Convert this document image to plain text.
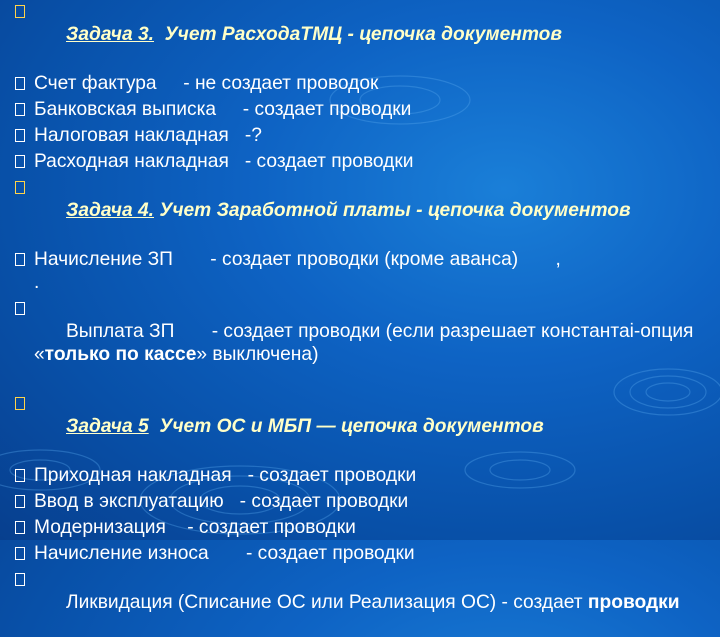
Задача 3.  Учет РасходаТМЦ - цепочка документов

Счет фактура     - не создает проводок
Банковская выписка     - создает проводки
Налоговая накладная   -?
Расходная накладная   - создает проводки

Задача 4. Учет Заработной платы - цепочка документов

Начисление ЗП       - создает проводки (кроме аванса)       ,
.

Выплата ЗП       - создает проводки (если разрешает константаі-опция «только по кассе» выключена)

Задача 5  Учет ОС и МБП — цепочка документов

Приходная накладная   - создает проводки
Ввод в эксплуатацию   - создает проводки
Модернизация    - создает проводки
Начисление износа       - создает проводки

Ликвидация (Списание ОС или Реализация ОС) - создает проводки
